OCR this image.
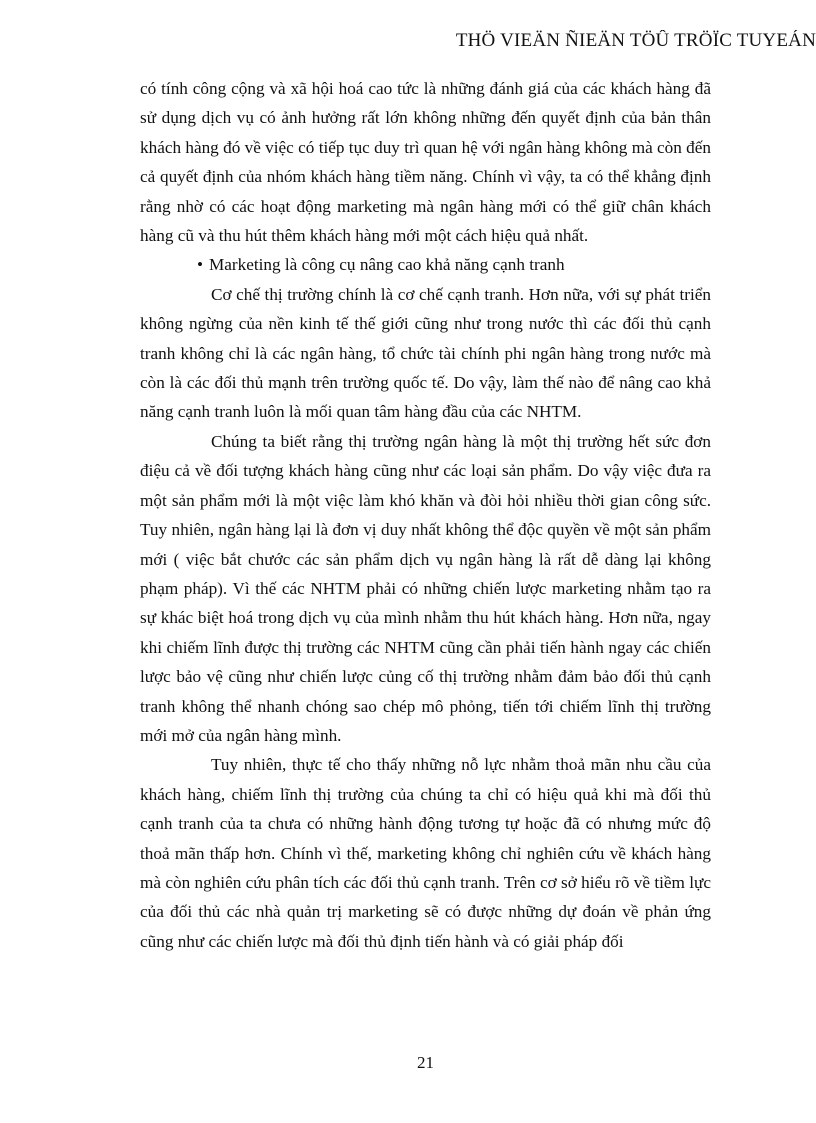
THÖ VIEÄN ÑIEÄN TÖÛ TRÖÏC TUYEÁN

có tính công cộng và xã hội hoá cao tức là những đánh giá của các khách hàng đã sử dụng dịch vụ có ảnh hưởng rất lớn không những đến quyết định của bản thân khách hàng đó về việc có tiếp tục duy trì quan hệ với ngân hàng không mà còn đến cả quyết định của nhóm khách hàng tiềm năng. Chính vì vậy, ta có thể khẳng định rằng nhờ có các hoạt động marketing mà ngân hàng mới có thể giữ chân khách hàng cũ và thu hút thêm khách hàng mới một cách hiệu quả nhất.

• Marketing là công cụ nâng cao khả năng cạnh tranh

Cơ chế thị trường chính là cơ chế cạnh tranh. Hơn nữa, với sự phát triển không ngừng của nền kinh tế thế giới cũng như trong nước thì các đối thủ cạnh tranh không chỉ là các ngân hàng, tổ chức tài chính phi ngân hàng trong nước mà còn là các đối thủ mạnh trên trường quốc tế. Do vậy, làm thế nào để nâng cao khả năng cạnh tranh luôn là mối quan tâm hàng đầu của các NHTM.

Chúng ta biết rằng thị trường ngân hàng là một thị trường hết sức đơn điệu cả về đối tượng khách hàng cũng như các loại sản phẩm. Do vậy việc đưa ra một sản phẩm mới là một việc làm khó khăn và đòi hỏi nhiều thời gian công sức. Tuy nhiên, ngân hàng lại là đơn vị duy nhất không thể độc quyền về một sản phẩm mới ( việc bắt chước các sản phẩm dịch vụ ngân hàng là rất dễ dàng lại không phạm pháp). Vì thế các NHTM phải có những chiến lược marketing nhằm tạo ra sự khác biệt hoá trong dịch vụ của mình nhằm thu hút khách hàng. Hơn nữa, ngay khi chiếm lĩnh được thị trường các NHTM cũng cần phải tiến hành ngay các chiến lược bảo vệ cũng như chiến lược củng cố thị trường nhằm đảm bảo đối thủ cạnh tranh không thể nhanh chóng sao chép mô phỏng, tiến tới chiếm lĩnh thị trường mới mở của ngân hàng mình.

Tuy nhiên, thực tế cho thấy những nỗ lực nhằm thoả mãn nhu cầu của khách hàng, chiếm lĩnh thị trường của chúng ta chỉ có hiệu quả khi mà đối thủ cạnh tranh của ta chưa có những hành động tương tự hoặc đã có nhưng mức độ thoả mãn thấp hơn. Chính vì thế, marketing không chỉ nghiên cứu về khách hàng mà còn nghiên cứu phân tích các đối thủ cạnh tranh. Trên cơ sở hiểu rõ về tiềm lực của đối thủ các nhà quản trị marketing sẽ có được những dự đoán về phản ứng cũng như các chiến lược mà đối thủ định tiến hành và có giải pháp đối

21
